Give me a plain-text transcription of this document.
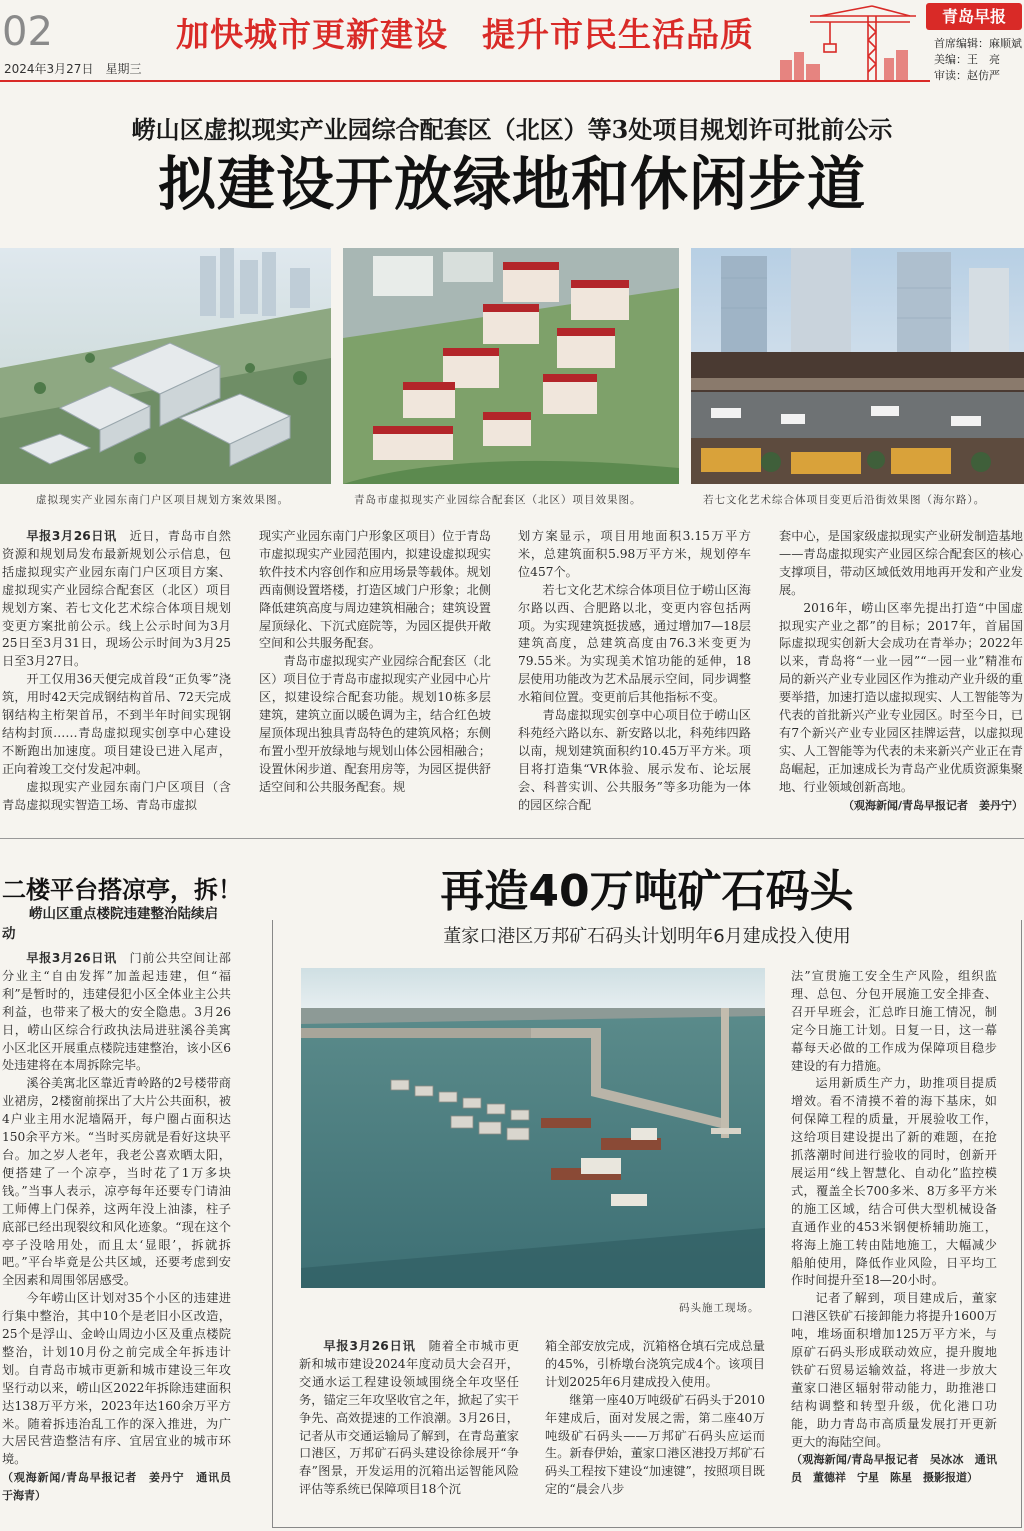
02
2024年3月27日　星期三
加快城市更新建设　提升市民生活品质	青岛早报
首席编辑：麻顺斌
美编：王　亮
审读：赵仿严
崂山区虚拟现实产业园综合配套区（北区）等3处项目规划许可批前公示
拟建设开放绿地和休闲步道
虚拟现实产业园东南门户区项目规划方案效果图。	青岛市虚拟现实产业园综合配套区（北区）项目效果图。	若七文化艺术综合体项目变更后沿街效果图（海尔路）。

早报3月26日讯　 近日，青岛市自然资源和规划局发布最新规划公示信息，包括虚拟现实产业园东南门户区项目方案、虚拟现实产业园综合配套区（北区）项目规划方案、若七文化艺术综合体项目规划变更方案批前公示。线上公示时间为3月25日至3月31日，现场公示时间为3月25日至3月27日。

开工仅用36天便完成首段“正负零”浇筑，用时42天完成钢结构首吊、72天完成钢结构主桁架首吊，不到半年时间实现钢结构封顶……青岛虚拟现实创享中心建设不断跑出加速度。项目建设已进入尾声，正向着竣工交付发起冲刺。

虚拟现实产业园东南门户区项目（含青岛虚拟现实智造工场、青岛市虚拟

现实产业园东南门户形象区项目）位于青岛市虚拟现实产业园范围内，拟建设虚拟现实软件技术内容创作和应用场景等载体。规划西南侧设置塔楼，打造区域门户形象；北侧降低建筑高度与周边建筑相融合；建筑设置屋顶绿化、下沉式庭院等，为园区提供开敞空间和公共服务配套。

青岛市虚拟现实产业园综合配套区（北区）项目位于青岛市虚拟现实产业园中心片区，拟建设综合配套功能。规划10栋多层建筑，建筑立面以暖色调为主，结合红色坡屋顶体现出独具青岛特色的建筑风格；东侧布置小型开放绿地与规划山体公园相融合；设置休闲步道、配套用房等，为园区提供舒适空间和公共服务配套。规

划方案显示，项目用地面积3.15万平方米，总建筑面积5.98万平方米，规划停车位457个。

若七文化艺术综合体项目位于崂山区海尔路以西、合肥路以北，变更内容包括两项。为实现建筑挺拔感，通过增加7—18层建筑高度，总建筑高度由76.3米变更为79.55米。为实现美术馆功能的延伸，18层使用功能改为艺术品展示空间，同步调整水箱间位置。变更前后其他指标不变。

青岛虚拟现实创享中心项目位于崂山区科苑经六路以东、新安路以北，科苑纬四路以南，规划建筑面积约10.45万平方米。项目将打造集“VR体验、展示发布、论坛展会、科普实训、公共服务”等多功能为一体的园区综合配

套中心，是国家级虚拟现实产业研发制造基地——青岛虚拟现实产业园区综合配套区的核心支撑项目，带动区域低效用地再开发和产业发展。

2016年，崂山区率先提出打造“中国虚拟现实产业之都”的目标；2017年，首届国际虚拟现实创新大会成功在青举办；2022年以来，青岛将“一业一园”“一园一业”精准布局的新兴产业专业园区作为推动产业升级的重要举措，加速打造以虚拟现实、人工智能等为代表的首批新兴产业专业园区。时至今日，已有7个新兴产业专业园区挂牌运营，以虚拟现实、人工智能等为代表的未来新兴产业正在青岛崛起，正加速成长为青岛产业优质资源集聚地、行业领域创新高地。

（观海新闻/青岛早报记者　姜丹宁）
二楼平台搭凉亭，拆！
崂山区重点楼院违建整治陆续启动

早报3月26日讯　 门前公共空间让部分业主“自由发挥”加盖起违建，但“福利”是暂时的，违建侵犯小区全体业主公共利益，也带来了极大的安全隐患。3月26日，崂山区综合行政执法局进驻溪谷美寓小区北区开展重点楼院违建整治，该小区6处违建将在本周拆除完毕。

溪谷美寓北区靠近青岭路的2号楼带商业裙房，2楼窗前探出了大片公共面积，被4户业主用水泥墙隔开，每户圈占面积达150余平方米。“当时买房就是看好这块平台。加之岁人老年，我老公喜欢晒太阳，便搭建了一个凉亭，当时花了1万多块钱。”当事人表示，凉亭每年还要专门请油工师傅上门保养，这两年没上油漆，柱子底部已经出现裂纹和风化迹象。“现在这个亭子没啥用处，而且太‘显眼’，拆就拆吧。”平台毕竟是公共区域，还要考虑到安全因素和周围邻居感受。

今年崂山区计划对35个小区的违建进行集中整治，其中10个是老旧小区改造，25个是浮山、金岭山周边小区及重点楼院整治，计划10月份之前完成全年拆违计划。自青岛市城市更新和城市建设三年攻坚行动以来，崂山区2022年拆除违建面积达138万平方米，2023年达160余万平方米。随着拆违治乱工作的深入推进，为广大居民营造整洁有序、宜居宜业的城市环境。

（观海新闻/青岛早报记者　姜丹宁　通讯员　于海青）
再造40万吨矿石码头
董家口港区万邦矿石码头计划明年6月建成投入使用
码头施工现场。

早报3月26日讯　 随着全市城市更新和城市建设2024年度动员大会召开，交通水运工程建设领域围绕全年攻坚任务，锚定三年攻坚收官之年，掀起了实干争先、高效提速的工作浪潮。3月26日，记者从市交通运输局了解到，在青岛董家口港区，万邦矿石码头建设徐徐展开“争春”图景，开发运用的沉箱出运智能风险评估等系统已保障项目18个沉

箱全部安放完成，沉箱格仓填石完成总量的45%，引桥墩台浇筑完成4个。该项目计划2025年6月建成投入使用。

继第一座40万吨级矿石码头于2010年建成后，面对发展之需，第二座40万吨级矿石码头——万邦矿石码头应运而生。新春伊始，董家口港区港投万邦矿石码头工程按下建设“加速键”，按照项目既定的“晨会八步

法”宣贯施工安全生产风险，组织监理、总包、分包开展施工安全排查、召开早班会，汇总昨日施工情况，制定今日施工计划。日复一日，这一幕幕每天必做的工作成为保障项目稳步建设的有力措施。

运用新质生产力，助推项目提质增效。看不清摸不着的海下基床，如何保障工程的质量，开展验收工作，这给项目建设提出了新的难题，在抢抓落潮时间进行验收的同时，创新开展运用“线上智慧化、自动化”监控模式，覆盖全长700多米、8万多平方米的施工区域，结合可供大型机械设备直通作业的453米钢便桥辅助施工，将海上施工转由陆地施工，大幅减少船舶使用，降低作业风险，日平均工作时间提升至18—20小时。

记者了解到，项目建成后，董家口港区铁矿石接卸能力将提升1600万吨，堆场面积增加125万平方米，与原矿石码头形成联动效应，提升腹地铁矿石贸易运输效益，将进一步放大董家口港区辐射带动能力，助推港口结构调整和转型升级，优化港口功能，助力青岛市高质量发展打开更新更大的海陆空间。

（观海新闻/青岛早报记者　吴冰冰　通讯员　董德祥　宁星　陈星　摄影报道）
